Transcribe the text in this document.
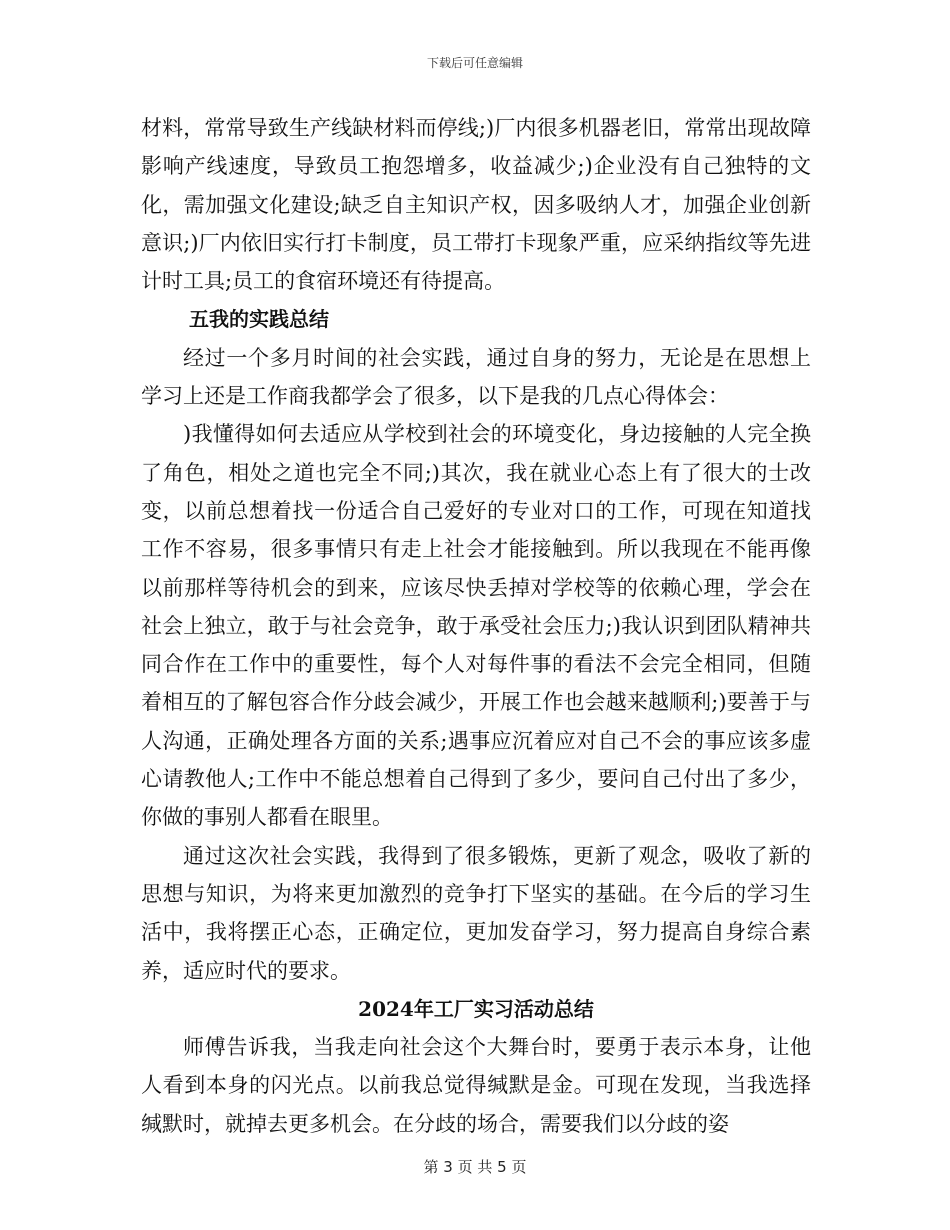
下载后可任意编辑

材料，常常导致生产线缺材料而停线;)厂内很多机器老旧，常常出现故障影响产线速度，导致员工抱怨增多，收益减少;)企业没有自己独特的文化，需加强文化建设;缺乏自主知识产权，因多吸纳人才，加强企业创新意识;)厂内依旧实行打卡制度，员工带打卡现象严重，应采纳指纹等先进计时工具;员工的食宿环境还有待提高。

五我的实践总结

经过一个多月时间的社会实践，通过自身的努力，无论是在思想上学习上还是工作商我都学会了很多，以下是我的几点心得体会：

)我懂得如何去适应从学校到社会的环境变化，身边接触的人完全换了角色，相处之道也完全不同;)其次，我在就业心态上有了很大的士改变，以前总想着找一份适合自己爱好的专业对口的工作，可现在知道找工作不容易，很多事情只有走上社会才能接触到。所以我现在不能再像以前那样等待机会的到来，应该尽快丢掉对学校等的依赖心理，学会在社会上独立，敢于与社会竞争，敢于承受社会压力;)我认识到团队精神共同合作在工作中的重要性，每个人对每件事的看法不会完全相同，但随着相互的了解包容合作分歧会减少，开展工作也会越来越顺利;)要善于与人沟通，正确处理各方面的关系;遇事应沉着应对自己不会的事应该多虚心请教他人;工作中不能总想着自己得到了多少，要问自己付出了多少，你做的事别人都看在眼里。

通过这次社会实践，我得到了很多锻炼，更新了观念，吸收了新的思想与知识，为将来更加激烈的竞争打下坚实的基础。在今后的学习生活中，我将摆正心态，正确定位，更加发奋学习，努力提高自身综合素养，适应时代的要求。

2024年工厂实习活动总结

师傅告诉我，当我走向社会这个大舞台时，要勇于表示本身，让他人看到本身的闪光点。以前我总觉得缄默是金。可现在发现，当我选择缄默时，就掉去更多机会。在分歧的场合，需要我们以分歧的姿

第 3 页 共 5 页
